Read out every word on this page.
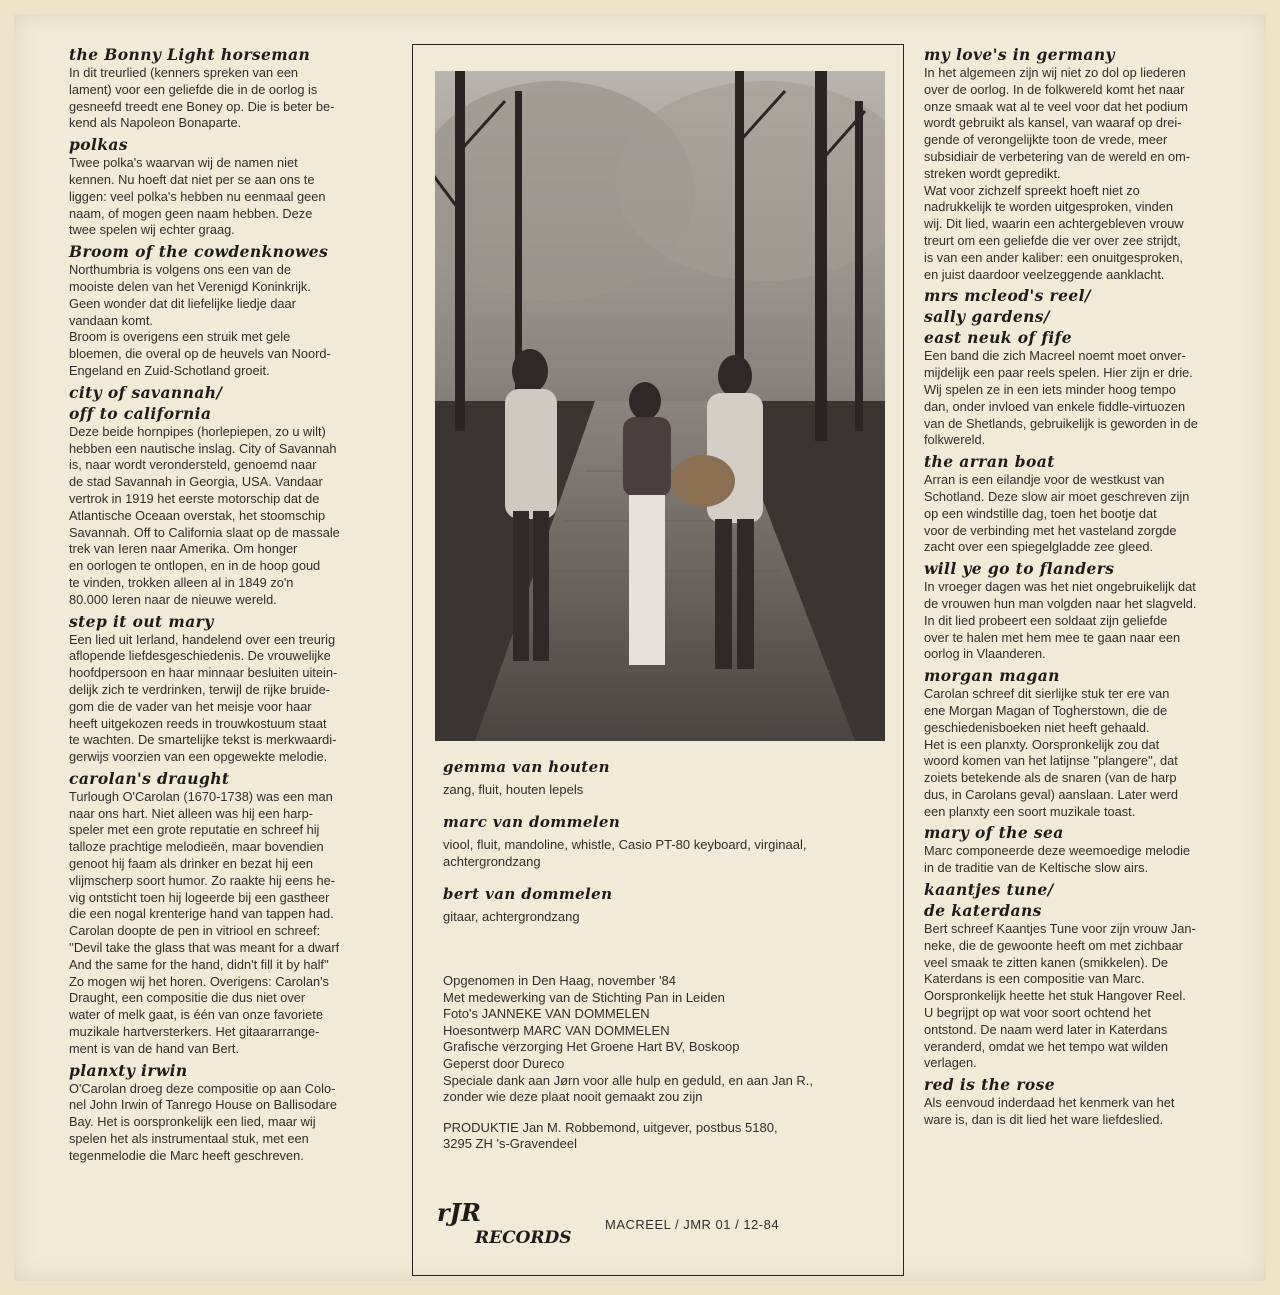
the Bonny Light horseman

In dit treurlied (kenners spreken van een
lament) voor een geliefde die in de oorlog is
gesneefd treedt ene Boney op. Die is beter be-
kend als Napoleon Bonaparte.

polkas

Twee polka's waarvan wij de namen niet
kennen. Nu hoeft dat niet per se aan ons te
liggen: veel polka's hebben nu eenmaal geen
naam, of mogen geen naam hebben. Deze
twee spelen wij echter graag.

Broom of the cowdenknowes

Northumbria is volgens ons een van de
mooiste delen van het Verenigd Koninkrijk.
Geen wonder dat dit liefelijke liedje daar
vandaan komt.
Broom is overigens een struik met gele
bloemen, die overal op de heuvels van Noord-
Engeland en Zuid-Schotland groeit.

city of savannah/
off to california

Deze beide hornpipes (horlepiepen, zo u wilt)
hebben een nautische inslag. City of Savannah
is, naar wordt verondersteld, genoemd naar
de stad Savannah in Georgia, USA. Vandaar
vertrok in 1919 het eerste motorschip dat de
Atlantische Oceaan overstak, het stoomschip
Savannah. Off to California slaat op de massale
trek van Ieren naar Amerika. Om honger
en oorlogen te ontlopen, en in de hoop goud
te vinden, trokken alleen al in 1849 zo'n
80.000 Ieren naar de nieuwe wereld.

step it out mary

Een lied uit Ierland, handelend over een treurig
aflopende liefdesgeschiedenis. De vrouwelijke
hoofdpersoon en haar minnaar besluiten uitein-
delijk zich te verdrinken, terwijl de rijke bruide-
gom die de vader van het meisje voor haar
heeft uitgekozen reeds in trouwkostuum staat
te wachten. De smartelijke tekst is merkwaardi-
gerwijs voorzien van een opgewekte melodie.

carolan's draught

Turlough O'Carolan (1670-1738) was een man
naar ons hart. Niet alleen was hij een harp-
speler met een grote reputatie en schreef hij
talloze prachtige melodieën, maar bovendien
genoot hij faam als drinker en bezat hij een
vlijmscherp soort humor. Zo raakte hij eens he-
vig ontsticht toen hij logeerde bij een gastheer
die een nogal krenterige hand van tappen had.
Carolan doopte de pen in vitriool en schreef:
''Devil take the glass that was meant for a dwarf
And the same for the hand, didn't fill it by half''
Zo mogen wij het horen. Overigens: Carolan's
Draught, een compositie die dus niet over
water of melk gaat, is één van onze favoriete
muzikale hartversterkers. Het gitaararrange-
ment is van de hand van Bert.

planxty irwin

O'Carolan droeg deze compositie op aan Colo-
nel John Irwin of Tanrego House on Ballisodare
Bay. Het is oorspronkelijk een lied, maar wij
spelen het als instrumentaal stuk, met een
tegenmelodie die Marc heeft geschreven.

gemma van houten

zang, fluit, houten lepels

marc van dommelen

viool, fluit, mandoline, whistle, Casio PT-80 keyboard, virginaal,
achtergrondzang

bert van dommelen

gitaar, achtergrondzang

Opgenomen in Den Haag, november '84

Met medewerking van de Stichting Pan in Leiden

Foto's JANNEKE VAN DOMMELEN

Hoesontwerp MARC VAN DOMMELEN

Grafische verzorging Het Groene Hart BV, Boskoop

Geperst door Dureco

Speciale dank aan Jørn voor alle hulp en geduld, en aan Jan R.,

zonder wie deze plaat nooit gemaakt zou zijn

PRODUKTIE Jan M. Robbemond, uitgever, postbus 5180,
3295 ZH 's-Gravendeel

rJR
RECORDS
MACREEL / JMR 01 / 12-84

my love's in germany

In het algemeen zijn wij niet zo dol op liederen
over de oorlog. In de folkwereld komt het naar
onze smaak wat al te veel voor dat het podium
wordt gebruikt als kansel, van waaraf op drei-
gende of verongelijkte toon de vrede, meer
subsidiair de verbetering van de wereld en om-
streken wordt gepredikt.
Wat voor zichzelf spreekt hoeft niet zo
nadrukkelijk te worden uitgesproken, vinden
wij. Dit lied, waarin een achtergebleven vrouw
treurt om een geliefde die ver over zee strijdt,
is van een ander kaliber: een onuitgesproken,
en juist daardoor veelzeggende aanklacht.

mrs mcleod's reel/
sally gardens/
east neuk of fife

Een band die zich Macreel noemt moet onver-
mijdelijk een paar reels spelen. Hier zijn er drie.
Wij spelen ze in een iets minder hoog tempo
dan, onder invloed van enkele fiddle-virtuozen
van de Shetlands, gebruikelijk is geworden in de
folkwereld.

the arran boat

Arran is een eilandje voor de westkust van
Schotland. Deze slow air moet geschreven zijn
op een windstille dag, toen het bootje dat
voor de verbinding met het vasteland zorgde
zacht over een spiegelgladde zee gleed.

will ye go to flanders

In vroeger dagen was het niet ongebruikelijk dat
de vrouwen hun man volgden naar het slagveld.
In dit lied probeert een soldaat zijn geliefde
over te halen met hem mee te gaan naar een
oorlog in Vlaanderen.

morgan magan

Carolan schreef dit sierlijke stuk ter ere van
ene Morgan Magan of Togherstown, die de
geschiedenisboeken niet heeft gehaald.
Het is een planxty. Oorspronkelijk zou dat
woord komen van het latijnse ''plangere'', dat
zoiets betekende als de snaren (van de harp
dus, in Carolans geval) aanslaan. Later werd
een planxty een soort muzikale toast.

mary of the sea

Marc componeerde deze weemoedige melodie
in de traditie van de Keltische slow airs.

kaantjes tune/
de katerdans

Bert schreef Kaantjes Tune voor zijn vrouw Jan-
neke, die de gewoonte heeft om met zichbaar
veel smaak te zitten kanen (smikkelen). De
Katerdans is een compositie van Marc.
Oorspronkelijk heette het stuk Hangover Reel.
U begrijpt op wat voor soort ochtend het
ontstond. De naam werd later in Katerdans
veranderd, omdat we het tempo wat wilden
verlagen.

red is the rose

Als eenvoud inderdaad het kenmerk van het
ware is, dan is dit lied het ware liefdeslied.
